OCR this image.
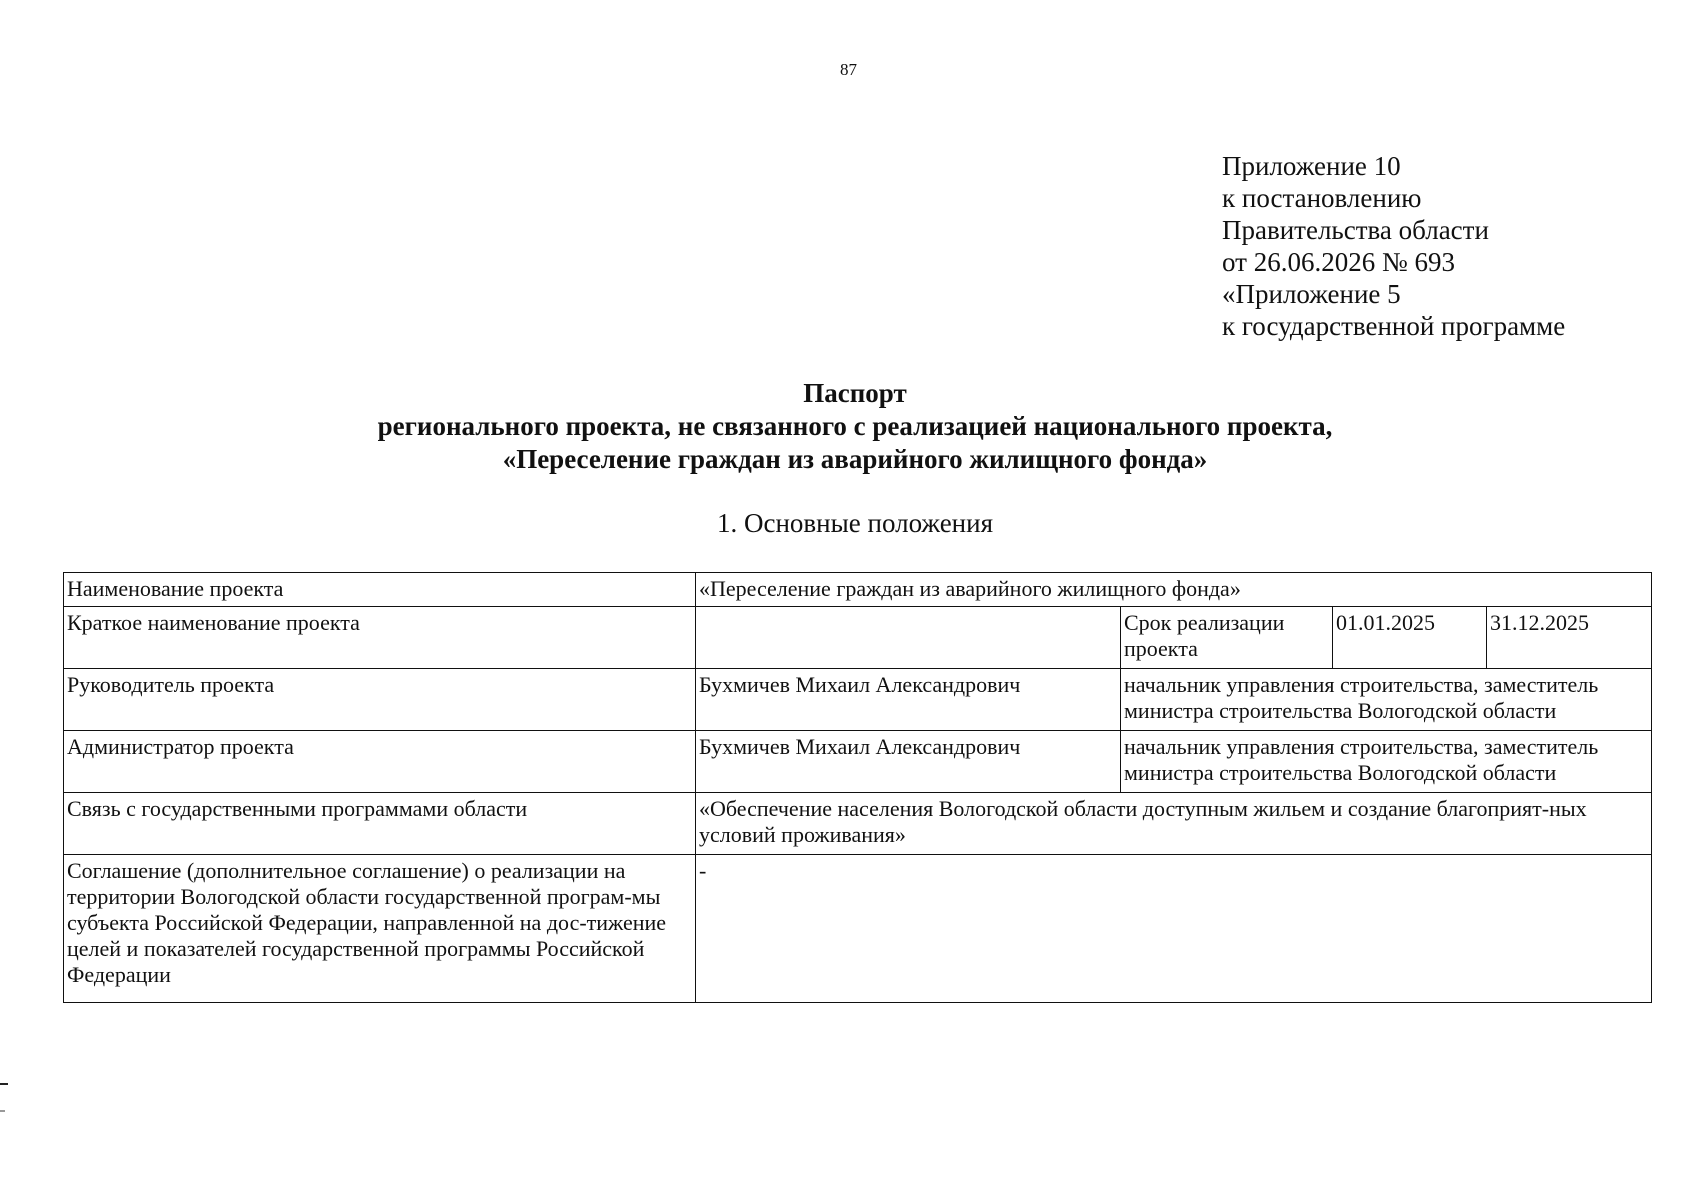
87
Приложение 10
к постановлению
Правительства области
от 26.06.2026 № 693
«Приложение 5
к государственной программе
Паспорт
регионального проекта, не связанного с реализацией национального проекта,
«Переселение граждан из аварийного жилищного фонда»
1. Основные положения
Наименование проекта	«Переселение граждан из аварийного жилищного фонда»			
Краткое наименование проекта		Срок реализации проекта	01.01.2025	31.12.2025
Руководитель проекта	Бухмичев Михаил Александрович	начальник управления строительства, заместитель министра строительства Вологодской области		
Администратор проекта	Бухмичев Михаил Александрович	начальник управления строительства, заместитель министра строительства Вологодской области		
Связь с государственными программами области	«Обеспечение населения Вологодской области доступным жильем и создание благоприят-ных условий проживания»			
Соглашение (дополнительное соглашение) о реализации на территории Вологодской области государственной програм-мы субъекта Российской Федерации, направленной на дос-тижение целей и показателей государственной программы Российской Федерации	-			
